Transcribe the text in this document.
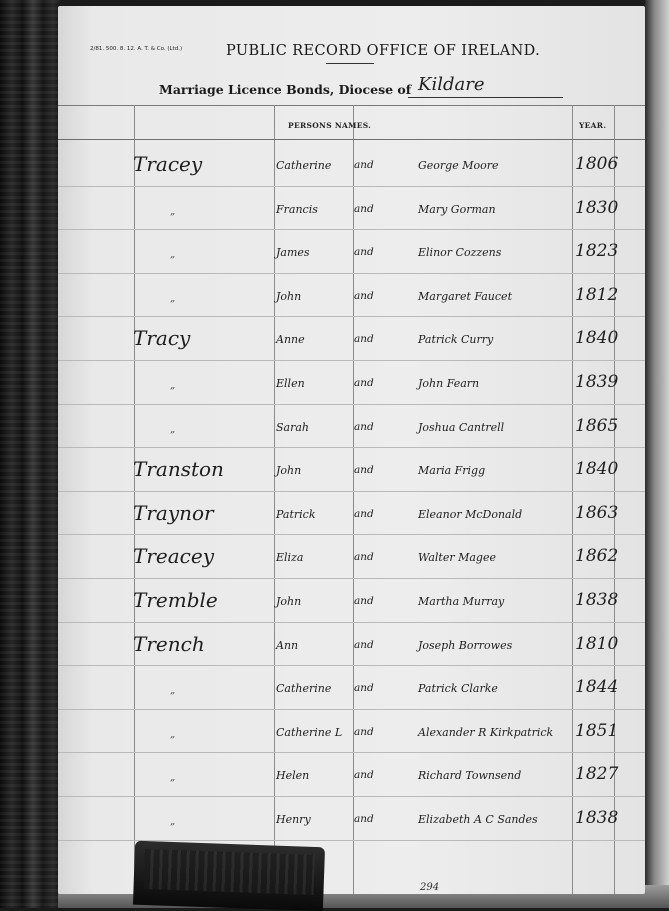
2/81. 500. 8. 12. A. T. & Co. (Ltd.)	PUBLIC RECORD OFFICE OF IRELAND.
Marriage Licence Bonds, Diocese of Kildare
PERSONS NAMES.	YEAR.
Tracey	Catherine and	George Moore	1806
„	Francis	and	Mary Gorman	1830
„	James	and	Elinor Cozzens	1823
„	John	and	Margaret Faucet	1812
Tracy	Anne	and	Patrick Curry	1840
„	Ellen	and	John Fearn	1839
„	Sarah	and	Joshua Cantrell	1865
Transton	John	and	Maria Frigg	1840
Traynor	Patrick	and	Eleanor McDonald	1863
Treacey	Eliza	and	Walter Magee	1862
Tremble	John	and	Martha Murray	1838
Trench	Ann	and	Joseph Borrowes	1810
„	Catherine and	Patrick Clarke	1844
„	Catherine L and	Alexander R Kirkpatrick 1851
„	Helen	and	Richard Townsend	1827
„	Henry	and	Elizabeth A C Sandes 1838
294
